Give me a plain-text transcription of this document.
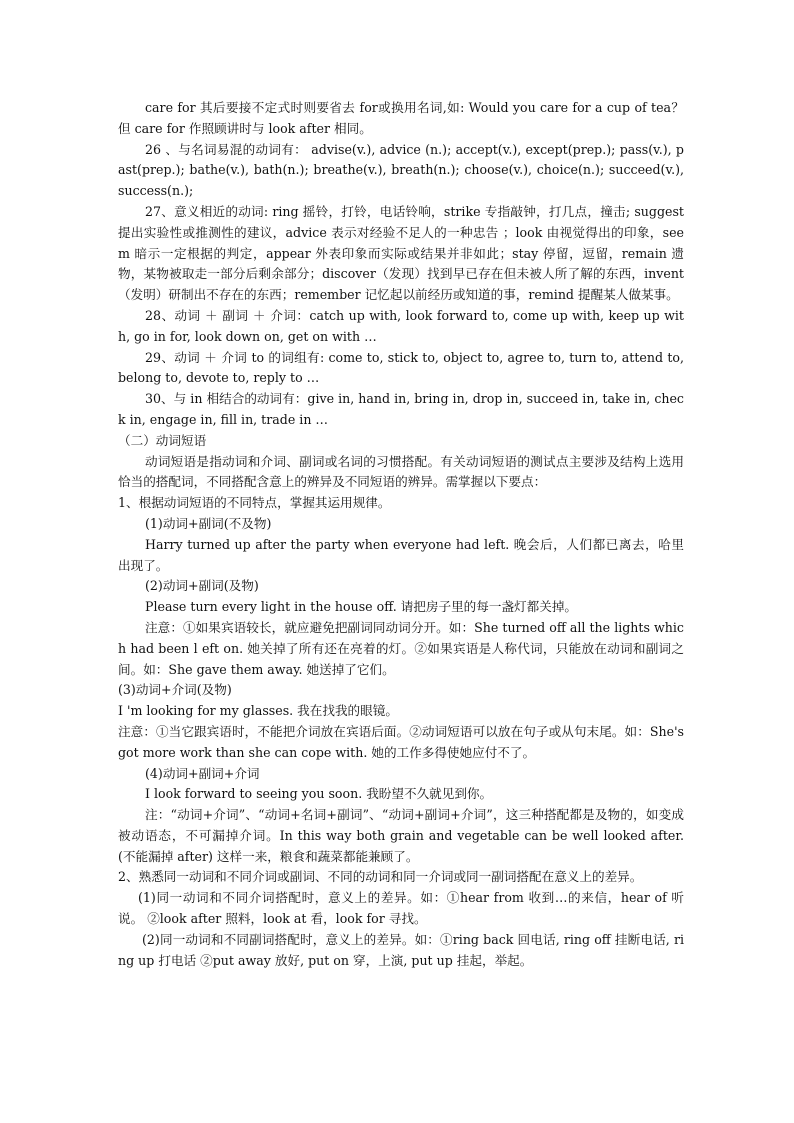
care for 其后要接不定式时则要省去 for或换用名词,如: Would you care for a cup of tea？但 care for 作照顾讲时与 look after 相同。

26 、与名词易混的动词有： advise(v.), advice (n.); accept(v.), except(prep.); pass(v.), past(prep.); bathe(v.), bath(n.); breathe(v.), breath(n.); choose(v.), choice(n.); succeed(v.), success(n.);

27、意义相近的动词: ring 摇铃，打铃，电话铃响，strike 专指敲钟，打几点，撞击; suggest 提出实验性或推测性的建议，advice 表示对经验不足人的一种忠告 ；look 由视觉得出的印象，seem 暗示一定根据的判定，appear 外表印象而实际或结果并非如此；stay 停留，逗留，remain 遗物，某物被取走一部分后剩余部分；discover（发现）找到早已存在但未被人所了解的东西，invent（发明）研制出不存在的东西；remember 记忆起以前经历或知道的事，remind 提醒某人做某事。

28、动词 ＋ 副词 ＋ 介词：catch up with, look forward to, come up with, keep up with, go in for, look down on, get on with …

29、动词 ＋ 介词 to 的词组有: come to, stick to, object to, agree to, turn to, attend to, belong to, devote to, reply to …

30、与 in 相结合的动词有：give in, hand in, bring in, drop in, succeed in, take in, check in, engage in, fill in, trade in …

（二）动词短语

动词短语是指动词和介词、副词或名词的习惯搭配。有关动词短语的测试点主要涉及结构上选用恰当的搭配词，不同搭配含意上的辨异及不同短语的辨异。需掌握以下要点：

1、根据动词短语的不同特点，掌握其运用规律。

(1)动词+副词(不及物)

Harry turned up after the party when everyone had left. 晚会后，人们都已离去，哈里出现了。

(2)动词+副词(及物)

Please turn every light in the house off. 请把房子里的每一盏灯都关掉。

注意：①如果宾语较长，就应避免把副词同动词分开。如：She turned off all the lights which had been l eft on. 她关掉了所有还在亮着的灯。②如果宾语是人称代词，只能放在动词和副词之间。如：She gave them away. 她送掉了它们。

(3)动词+介词(及物)

I 'm looking for my glasses. 我在找我的眼镜。

注意：①当它跟宾语时，不能把介词放在宾语后面。②动词短语可以放在句子或从句末尾。如：She's got more work than she can cope with. 她的工作多得使她应付不了。

(4)动词+副词+介词

I look forward to seeing you soon. 我盼望不久就见到你。

注：“动词+介词”、“动词+名词+副词”、“动词+副词+介词”，这三种搭配都是及物的，如变成被动语态，不可漏掉介词。In this way both grain and vegetable can be well looked after. (不能漏掉 after) 这样一来，粮食和蔬菜都能兼顾了。

2、熟悉同一动词和不同介词或副词、不同的动词和同一介词或同一副词搭配在意义上的差异。

(1)同一动词和不同介词搭配时，意义上的差异。如：①hear from 收到…的来信，hear of 听说。 ②look after 照料，look at 看，look for 寻找。

(2)同一动词和不同副词搭配时，意义上的差异。如：①ring back 回电话, ring off 挂断电话, ring up 打电话 ②put away 放好, put on 穿，上演, put up 挂起，举起。
